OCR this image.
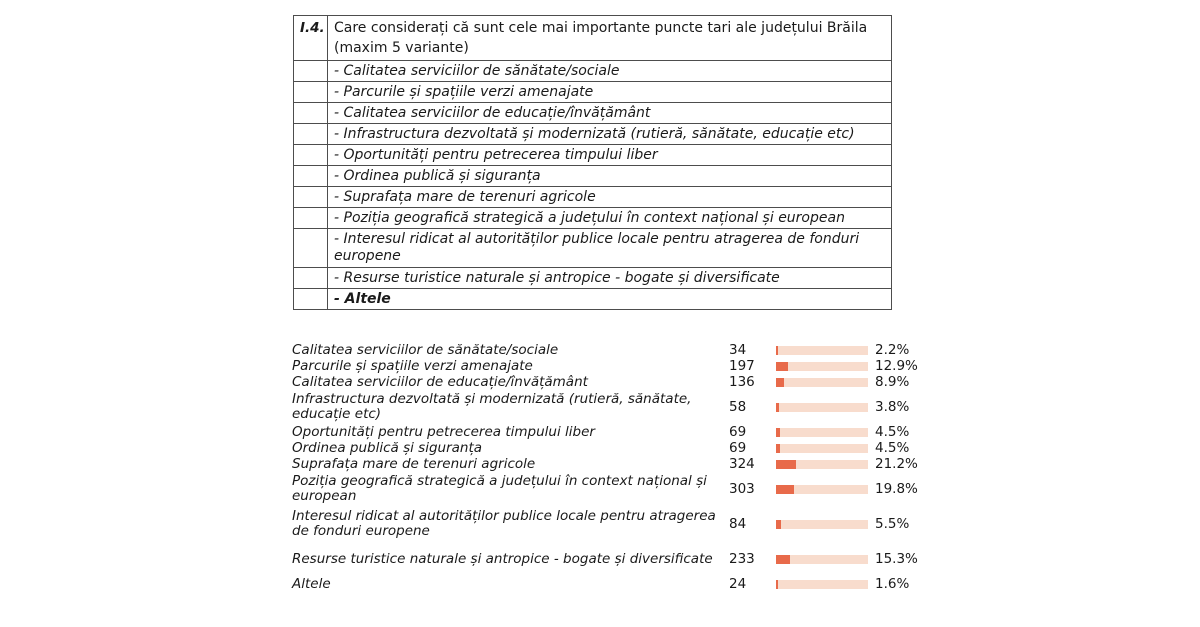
I.4.	Care considerați că sunt cele mai importante puncte tari ale județului Brăila (maxim 5 variante)
	- Calitatea serviciilor de sănătate/sociale
	- Parcurile și spațiile verzi amenajate
	- Calitatea serviciilor de educație/învățământ
	- Infrastructura dezvoltată și modernizată (rutieră, sănătate, educație etc)
	- Oportunități pentru petrecerea timpului liber
	- Ordinea publică și siguranța
	- Suprafața mare de terenuri agricole
	- Poziția geografică strategică a județului în context național și european
	- Interesul ridicat al autorităților publice locale pentru atragerea de fonduri europene
	- Resurse turistice naturale și antropice - bogate și diversificate
	- Altele
Calitatea serviciilor de sănătate/sociale	34	2.2%
Parcurile și spațiile verzi amenajate	197	12.9%
Calitatea serviciilor de educație/învățământ	136	8.9%
Infrastructura dezvoltată și modernizată (rutieră, sănătate, educație etc)	58	3.8%
Oportunități pentru petrecerea timpului liber	69	4.5%
Ordinea publică și siguranța	69	4.5%
Suprafața mare de terenuri agricole	324	21.2%
Poziția geografică strategică a județului în context național și european	303	19.8%
Interesul ridicat al autorităților publice locale pentru atragerea de fonduri europene	84	5.5%
Resurse turistice naturale și antropice - bogate și diversificate	233	15.3%
Altele	24	1.6%
